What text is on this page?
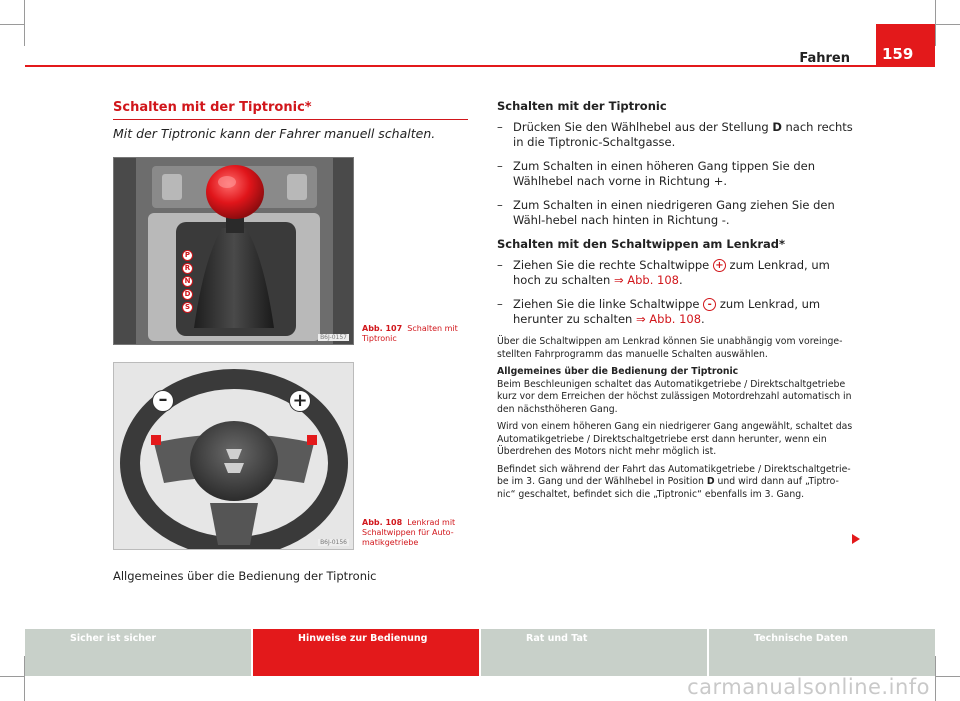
Fahren 159
Schalten mit der Tiptronic*
Mit der Tiptronic kann der Fahrer manuell schalten.
P
R
N
D
S
B6J-0157
Abb. 107 Schalten mit Tiptronic
–	+
B6J-0156
Abb. 108 Lenkrad mit Schaltwippen für Auto-matikgetriebe
Allgemeines über die Bedienung der Tiptronic
Schalten mit der Tiptronic
– Drücken Sie den Wählhebel aus der Stellung D nach rechts in die Tiptronic-Schaltgasse.
– Zum Schalten in einen höheren Gang tippen Sie den Wählhebel nach vorne in Richtung +.
– Zum Schalten in einen niedrigeren Gang ziehen Sie den Wähl-hebel nach hinten in Richtung -.
Schalten mit den Schaltwippen am Lenkrad*
– Ziehen Sie die rechte Schaltwippe + zum Lenkrad, um hoch zu schalten ⇒ Abb. 108.
– Ziehen Sie die linke Schaltwippe - zum Lenkrad, um herunter zu schalten ⇒ Abb. 108.
Über die Schaltwippen am Lenkrad können Sie unabhängig vom voreinge-stellten Fahrprogramm das manuelle Schalten auswählen.
Allgemeines über die Bedienung der Tiptronic
Beim Beschleunigen schaltet das Automatikgetriebe / Direktschaltgetriebe kurz vor dem Erreichen der höchst zulässigen Motordrehzahl automatisch in den nächsthöheren Gang.
Wird von einem höheren Gang ein niedrigerer Gang angewählt, schaltet das Automatikgetriebe / Direktschaltgetriebe erst dann herunter, wenn ein Überdrehen des Motors nicht mehr möglich ist.
Befindet sich während der Fahrt das Automatikgetriebe / Direktschaltgetrie-be im 3. Gang und der Wählhebel in Position D und wird dann auf „Tiptro-nic“ geschaltet, befindet sich die „Tiptronic“ ebenfalls im 3. Gang.
Sicher ist sicher	Hinweise zur Bedienung	Rat und Tat	Technische Daten
carmanualsonline.info
